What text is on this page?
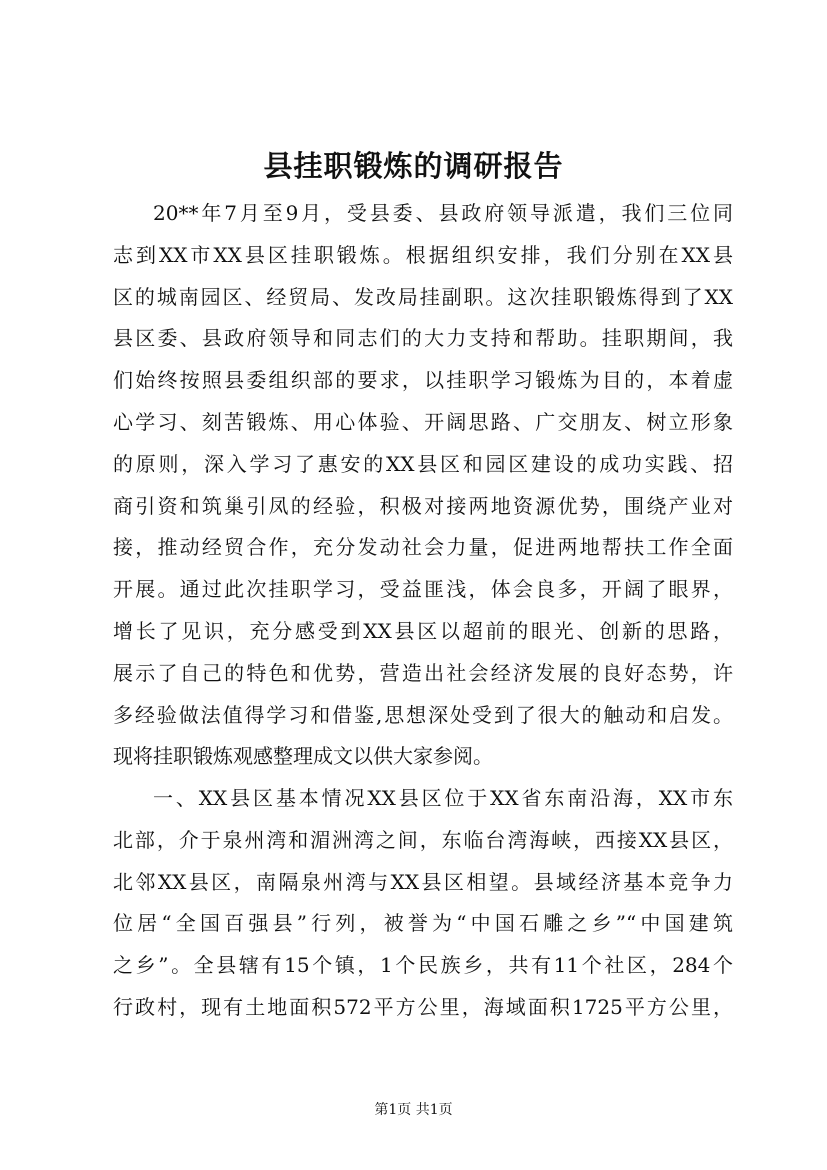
县挂职锻炼的调研报告
20**年7月至9月，受县委、县政府领导派遣，我们三位同
志到XX市XX县区挂职锻炼。根据组织安排，我们分别在XX县
区的城南园区、经贸局、发改局挂副职。这次挂职锻炼得到了XX
县区委、县政府领导和同志们的大力支持和帮助。挂职期间，我
们始终按照县委组织部的要求，以挂职学习锻炼为目的，本着虚
心学习、刻苦锻炼、用心体验、开阔思路、广交朋友、树立形象
的原则，深入学习了惠安的XX县区和园区建设的成功实践、招
商引资和筑巢引凤的经验，积极对接两地资源优势，围绕产业对
接，推动经贸合作，充分发动社会力量，促进两地帮扶工作全面
开展。通过此次挂职学习，受益匪浅，体会良多，开阔了眼界，
增长了见识，充分感受到XX县区以超前的眼光、创新的思路，
展示了自己的特色和优势，营造出社会经济发展的良好态势，许
多经验做法值得学习和借鉴,思想深处受到了很大的触动和启发。
现将挂职锻炼观感整理成文以供大家参阅。
一、XX县区基本情况XX县区位于XX省东南沿海，XX市东
北部，介于泉州湾和湄洲湾之间，东临台湾海峡，西接XX县区，
北邻XX县区，南隔泉州湾与XX县区相望。县域经济基本竞争力
位居“全国百强县”行列，被誉为“中国石雕之乡”“中国建筑
之乡”。全县辖有15个镇，1个民族乡，共有11个社区，284个
行政村，现有土地面积572平方公里，海域面积1725平方公里，
第1页 共1页
